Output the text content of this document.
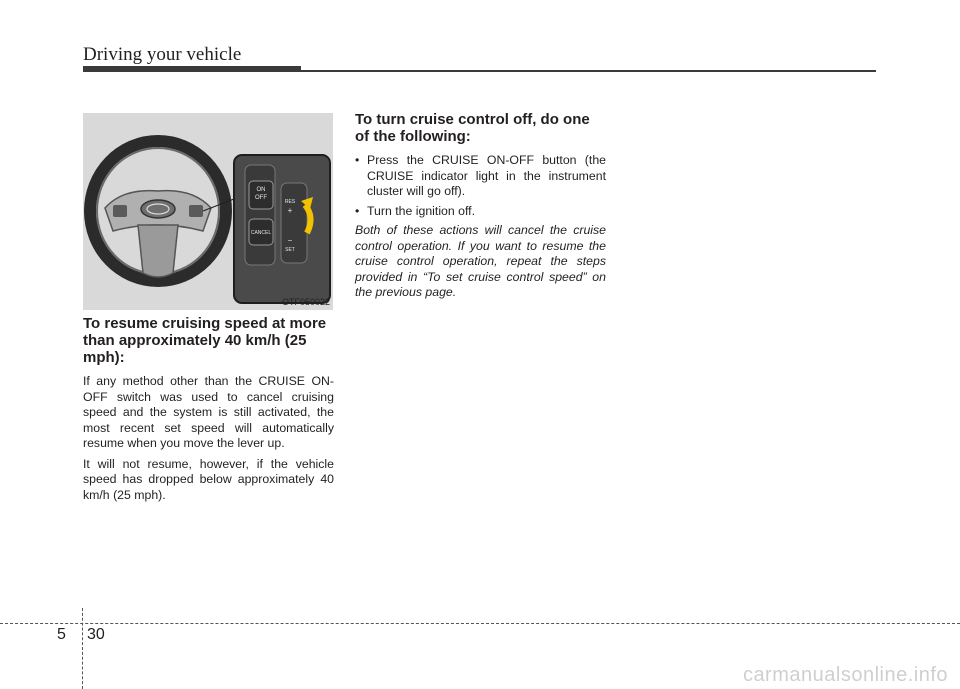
Driving your vehicle
ON
OFF
CANCEL
RES
+
−
SET
OTF050022
To resume cruising speed at more than approximately 40 km/h (25 mph):

If any method other than the CRUISE ON-OFF switch was used to cancel cruising speed and the system is still activated, the most recent set speed will automatically resume when you move the lever up.

It will not resume, however, if the vehicle speed has dropped below approximately 40 km/h (25 mph).

To turn cruise control off, do one of the following:
• Press the CRUISE ON-OFF button (the CRUISE indicator light in the instrument cluster will go off).
• Turn the ignition off.

Both of these actions will cancel the cruise control operation. If you want to resume the cruise control operation, repeat the steps provided in “To set cruise control speed” on the previous page.

5 30
carmanualsonline.info
